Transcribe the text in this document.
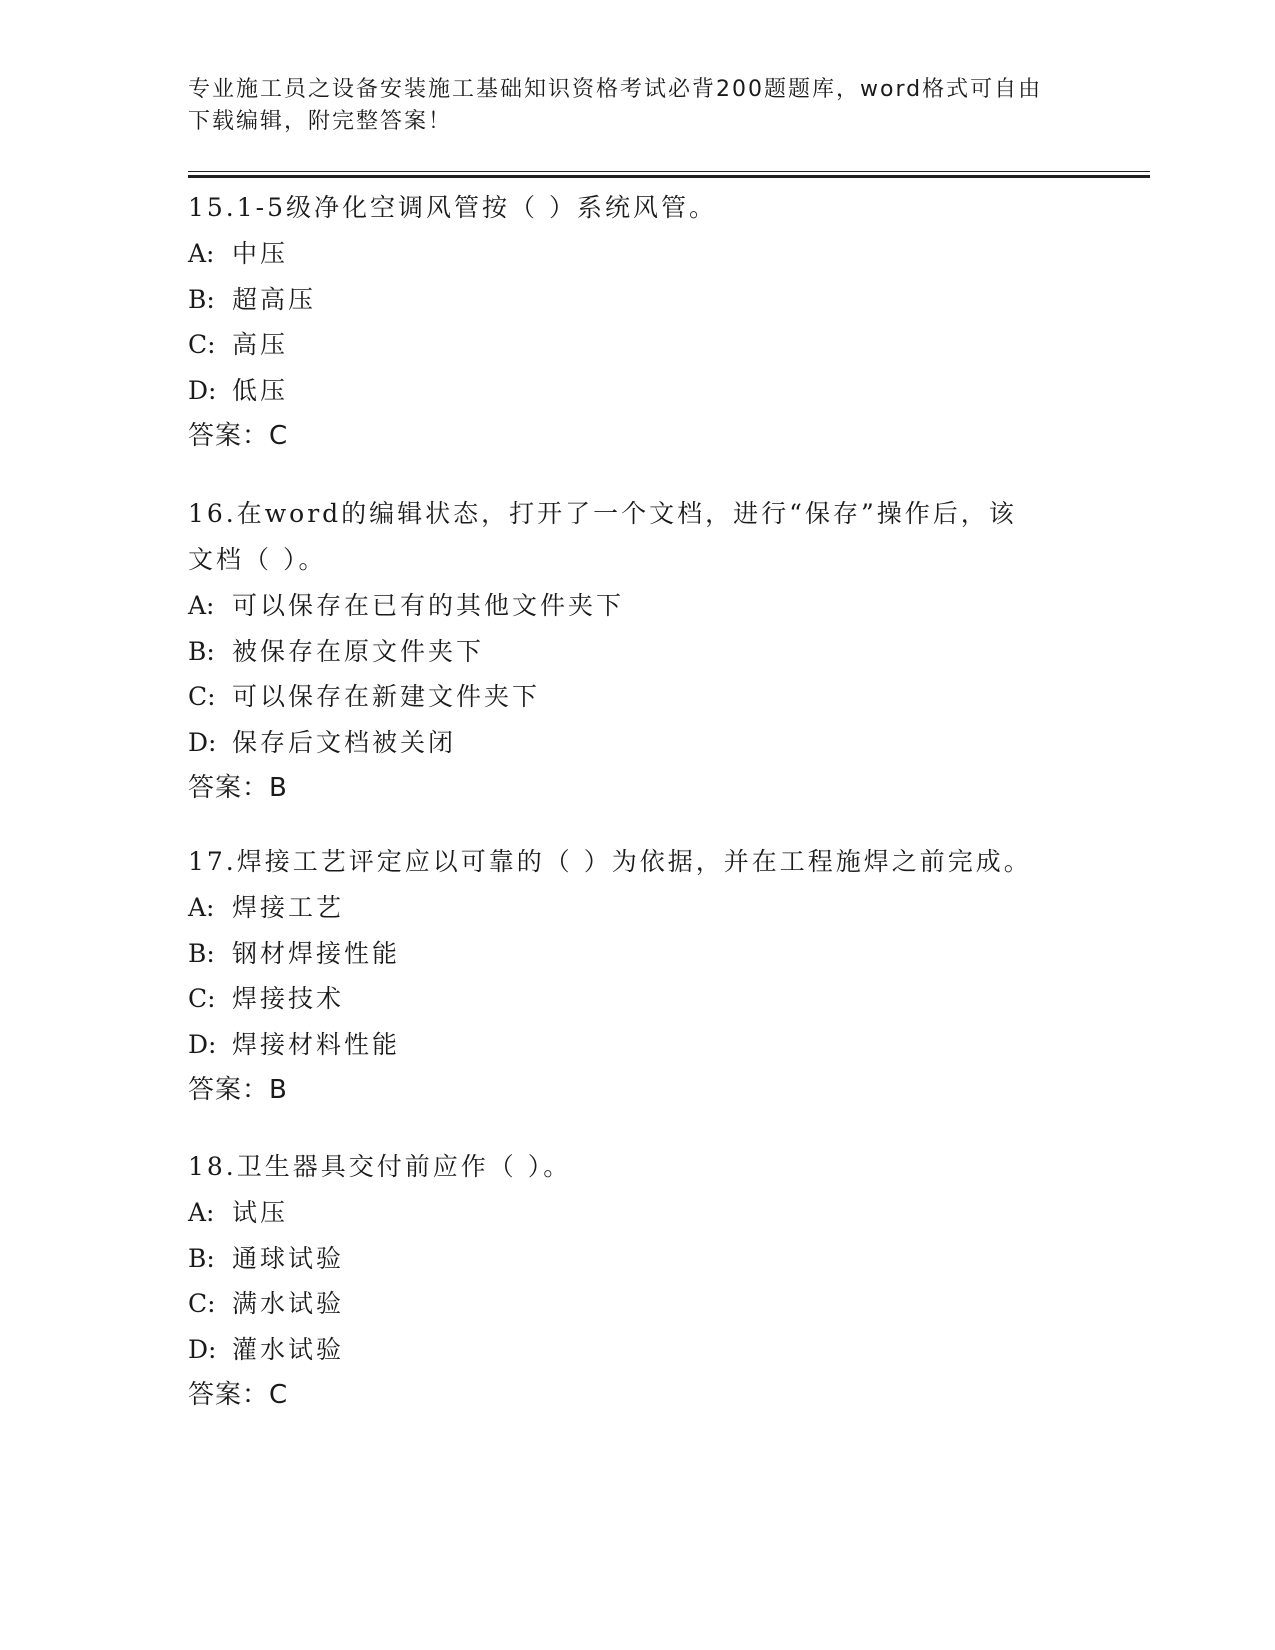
专业施工员之设备安装施工基础知识资格考试必背200题题库，word格式可自由
下载编辑，附完整答案！
15.1-5级净化空调风管按（ ）系统风管。
A: 中压
B: 超高压
C: 高压
D: 低压
答案：C
16.在word的编辑状态，打开了一个文档，进行“保存”操作后，该
文档（ ）。
A: 可以保存在已有的其他文件夹下
B: 被保存在原文件夹下
C: 可以保存在新建文件夹下
D: 保存后文档被关闭
答案：B
17.焊接工艺评定应以可靠的（ ）为依据，并在工程施焊之前完成。
A: 焊接工艺
B: 钢材焊接性能
C: 焊接技术
D: 焊接材料性能
答案：B
18.卫生器具交付前应作（ ）。
A: 试压
B: 通球试验
C: 满水试验
D: 灌水试验
答案：C
